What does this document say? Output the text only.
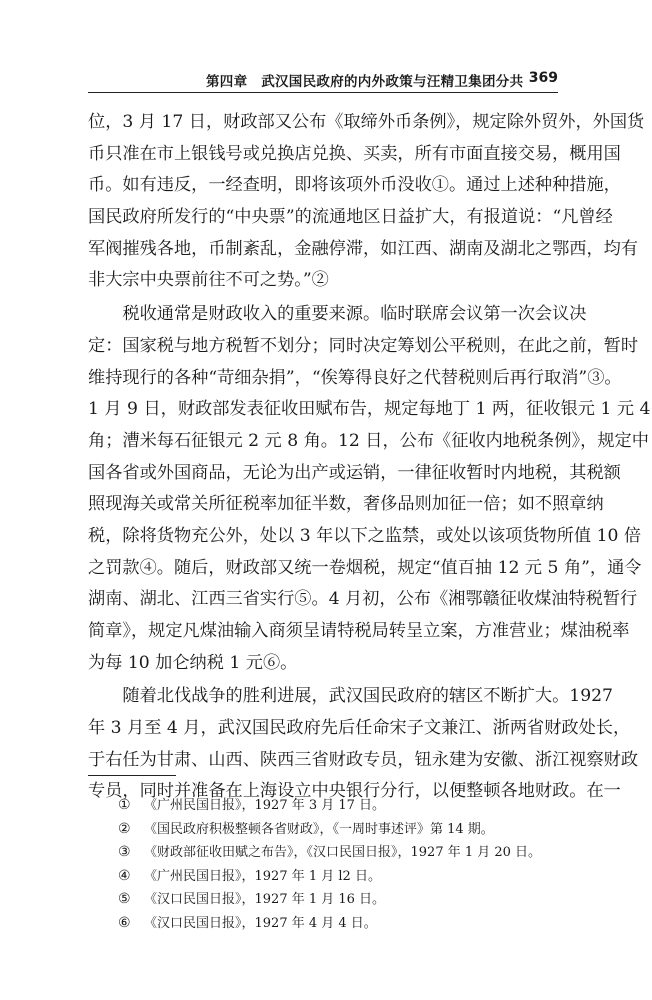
第四章　武汉国民政府的内外政策与汪精卫集团分共 369
位，3 月 17 日，财政部又公布《取缔外币条例》，规定除外贸外，外国货
币只准在市上银钱号或兑换店兑换、买卖，所有市面直接交易，概用国
币。如有违反，一经查明，即将该项外币没收①。通过上述种种措施，
国民政府所发行的“中央票”的流通地区日益扩大，有报道说：“凡曾经
军阀摧残各地，币制紊乱，金融停滞，如江西、湖南及湖北之鄂西，均有
非大宗中央票前往不可之势。”②
　　税收通常是财政收入的重要来源。临时联席会议第一次会议决
定：国家税与地方税暂不划分；同时决定筹划公平税则，在此之前，暂时
维持现行的各种“苛细杂捐”，“俟筹得良好之代替税则后再行取消”③。
1 月 9 日，财政部发表征收田赋布告，规定每地丁 1 两，征收银元 1 元 4
角；漕米每石征银元 2 元 8 角。12 日，公布《征收内地税条例》，规定中
国各省或外国商品，无论为出产或运销，一律征收暂时内地税，其税额
照现海关或常关所征税率加征半数，奢侈品则加征一倍；如不照章纳
税，除将货物充公外，处以 3 年以下之监禁，或处以该项货物所值 10 倍
之罚款④。随后，财政部又统一卷烟税，规定“值百抽 12 元 5 角”，通令
湖南、湖北、江西三省实行⑤。4 月初，公布《湘鄂赣征收煤油特税暂行
简章》，规定凡煤油输入商须呈请特税局转呈立案，方准营业；煤油税率
为每 10 加仑纳税 1 元⑥。
　　随着北伐战争的胜利进展，武汉国民政府的辖区不断扩大。1927
年 3 月至 4 月，武汉国民政府先后任命宋子文兼江、浙两省财政处长，
于右任为甘肃、山西、陕西三省财政专员，钮永建为安徽、浙江视察财政
专员，同时并准备在上海设立中央银行分行，以便整顿各地财政。在一
① 《广州民国日报》，1927 年 3 月 17 日。
② 《国民政府积极整顿各省财政》，《一周时事述评》第 14 期。
③ 《财政部征收田赋之布告》，《汉口民国日报》，1927 年 1 月 20 日。
④ 《广州民国日报》，1927 年 1 月 l2 日。
⑤ 《汉口民国日报》，1927 年 1 月 16 日。
⑥ 《汉口民国日报》，1927 年 4 月 4 日。
